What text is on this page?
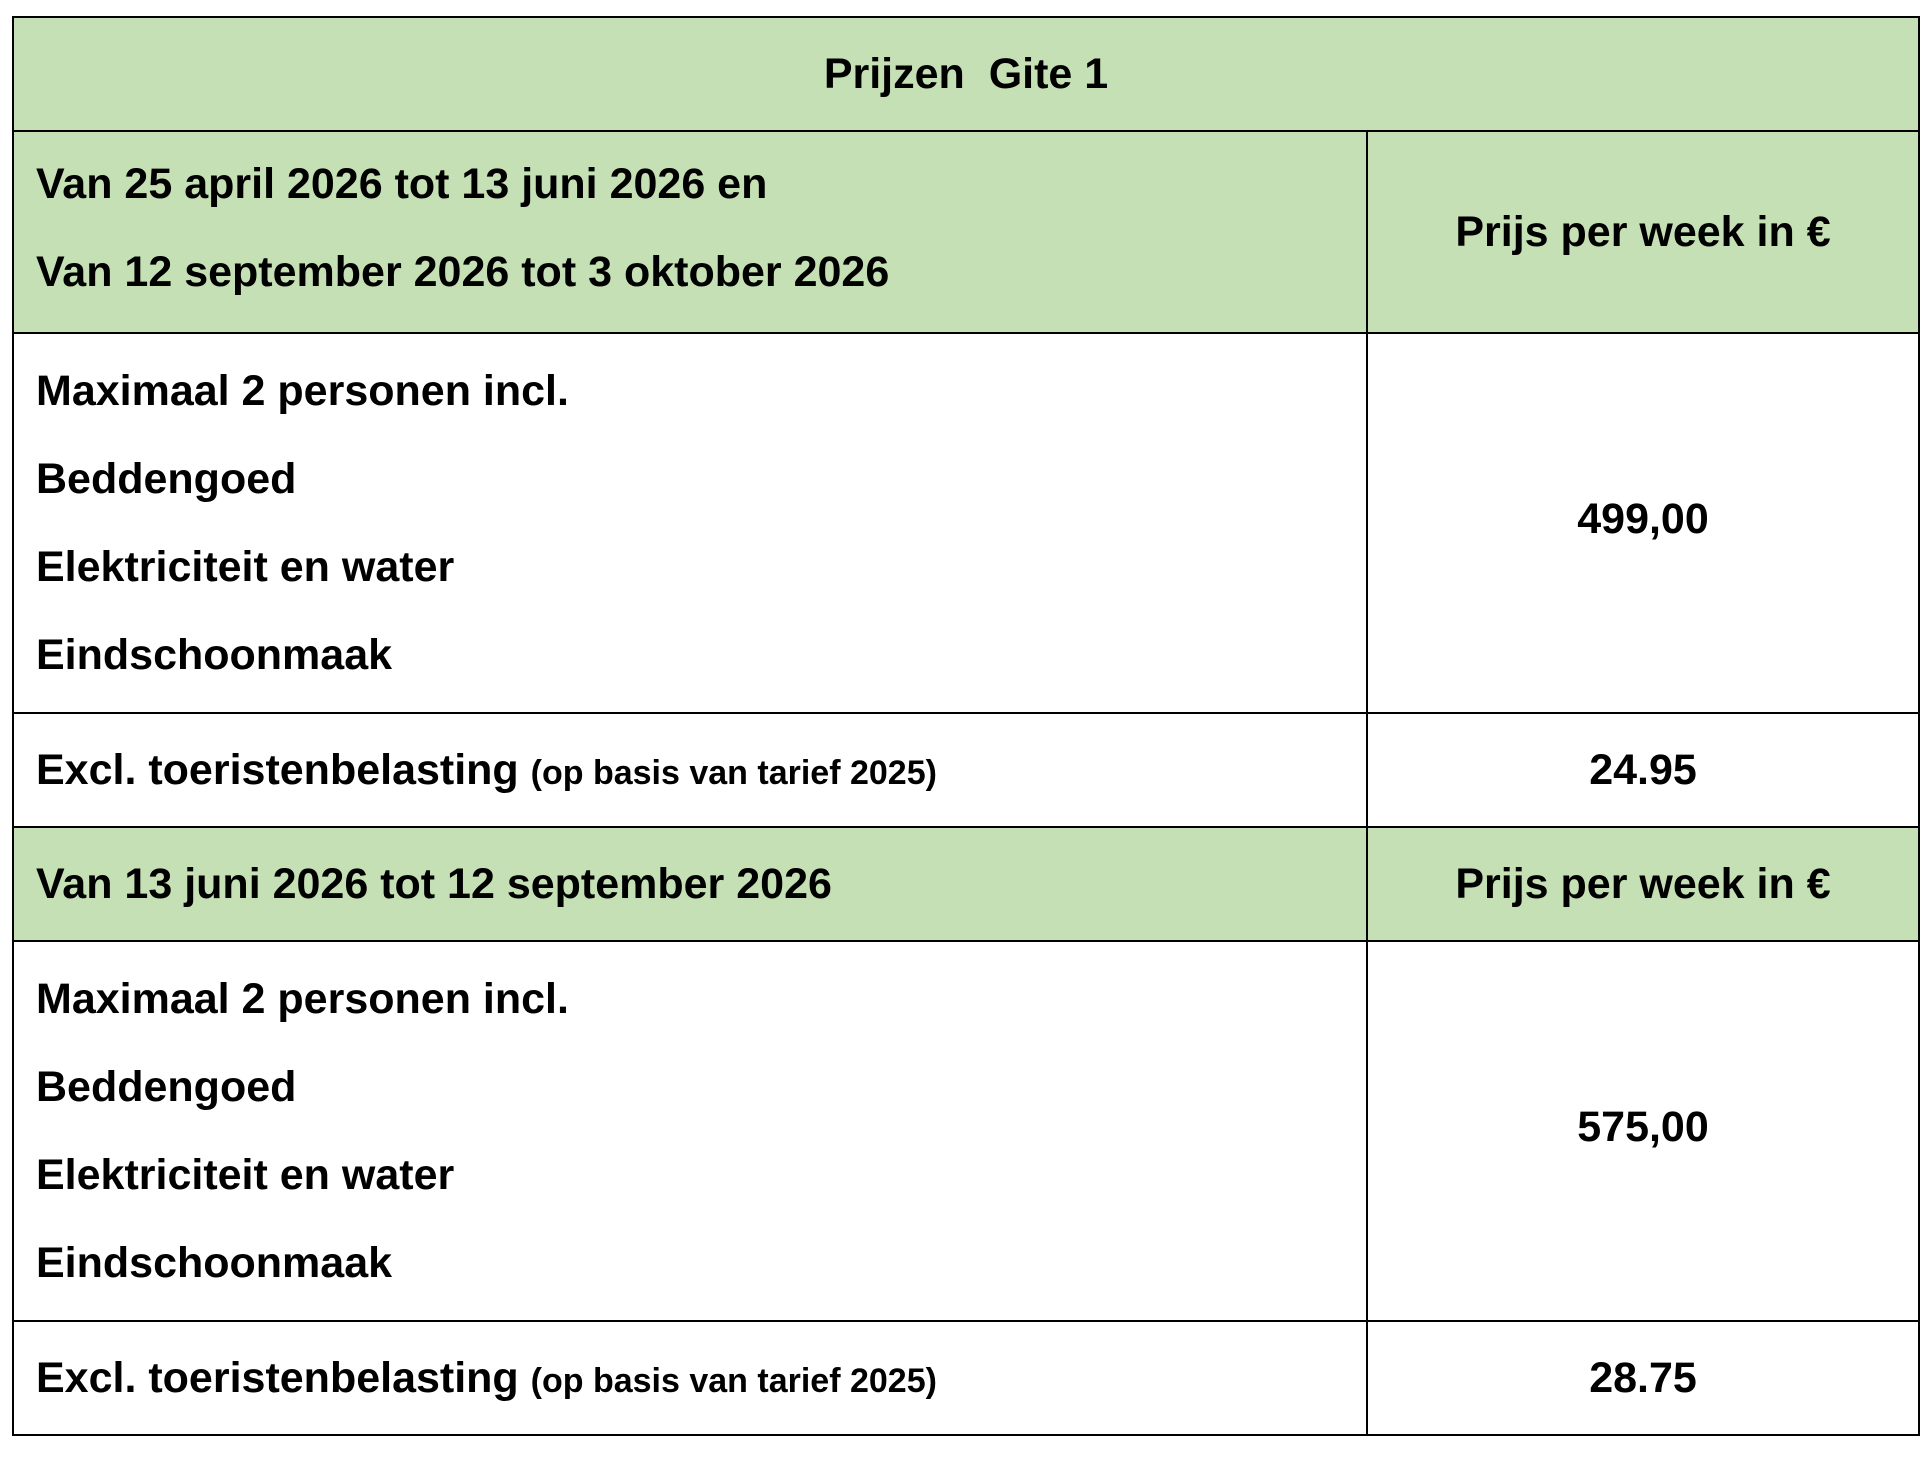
Prijzen  Gite 1	

Van 25 april 2026 tot 13 juni 2026 en
Van 12 september 2026 tot 3 oktober 2026	Prijs per week in €

Maximaal 2 personen incl.
Beddengoed
Elektriciteit en water
Eindschoonmaak	499,00
Excl. toeristenbelasting (op basis van tarief 2025)	24.95
Van 13 juni 2026 tot 12 september 2026	Prijs per week in €

Maximaal 2 personen incl.
Beddengoed
Elektriciteit en water
Eindschoonmaak	575,00
Excl. toeristenbelasting (op basis van tarief 2025)	28.75
